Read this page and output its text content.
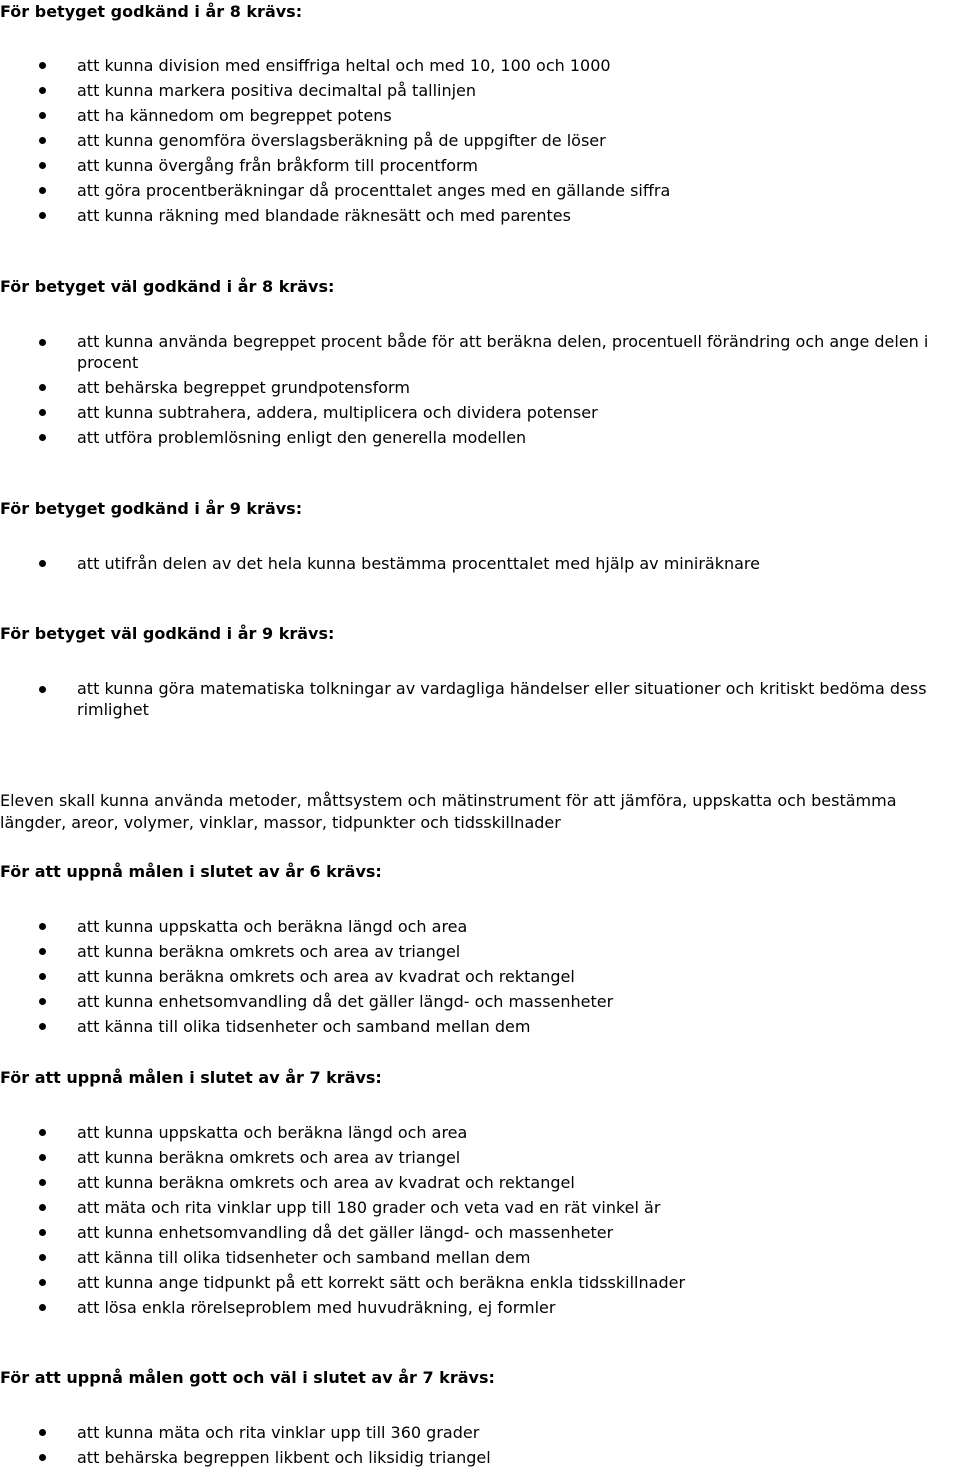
För betyget godkänd i år 8 krävs:
att kunna division med ensiffriga heltal och med 10, 100 och 1000
att kunna markera positiva decimaltal på tallinjen
att ha kännedom om begreppet potens
att kunna genomföra överslagsberäkning på de uppgifter de löser
att kunna övergång från bråkform till procentform
att göra procentberäkningar då procenttalet anges med en gällande siffra
att kunna räkning med blandade räknesätt och med parentes
För betyget väl godkänd i år 8 krävs:
att kunna använda begreppet procent både för att beräkna delen, procentuell förändring och ange delen i procent
att behärska begreppet grundpotensform
att kunna subtrahera, addera, multiplicera och dividera potenser
att utföra problemlösning enligt den generella modellen
För betyget godkänd i år 9 krävs:
att utifrån delen av det hela kunna bestämma procenttalet med hjälp av miniräknare
För betyget väl godkänd i år 9 krävs:
att kunna göra matematiska tolkningar av vardagliga händelser eller situationer och kritiskt bedöma dess rimlighet

Eleven skall kunna använda metoder, måttsystem och mätinstrument för att jämföra, uppskatta och bestämma längder, areor, volymer, vinklar, massor, tidpunkter och tidsskillnader

För att uppnå målen i slutet av år 6 krävs:
att kunna uppskatta och beräkna längd och area
att kunna beräkna omkrets och area av triangel
att kunna beräkna omkrets och area av kvadrat och rektangel
att kunna enhetsomvandling då det gäller längd- och massenheter
att känna till olika tidsenheter och samband mellan dem
För att uppnå målen i slutet av år 7 krävs:
att kunna uppskatta och beräkna längd och area
att kunna beräkna omkrets och area av triangel
att kunna beräkna omkrets och area av kvadrat och rektangel
att mäta och rita vinklar upp till 180 grader och veta vad en rät vinkel är
att kunna enhetsomvandling då det gäller längd- och massenheter
att känna till olika tidsenheter och samband mellan dem
att kunna ange tidpunkt på ett korrekt sätt och beräkna enkla tidsskillnader
att lösa enkla rörelseproblem med huvudräkning, ej formler
För att uppnå målen gott och väl i slutet av år 7 krävs:
att kunna mäta och rita vinklar upp till 360 grader
att behärska begreppen likbent och liksidig triangel
